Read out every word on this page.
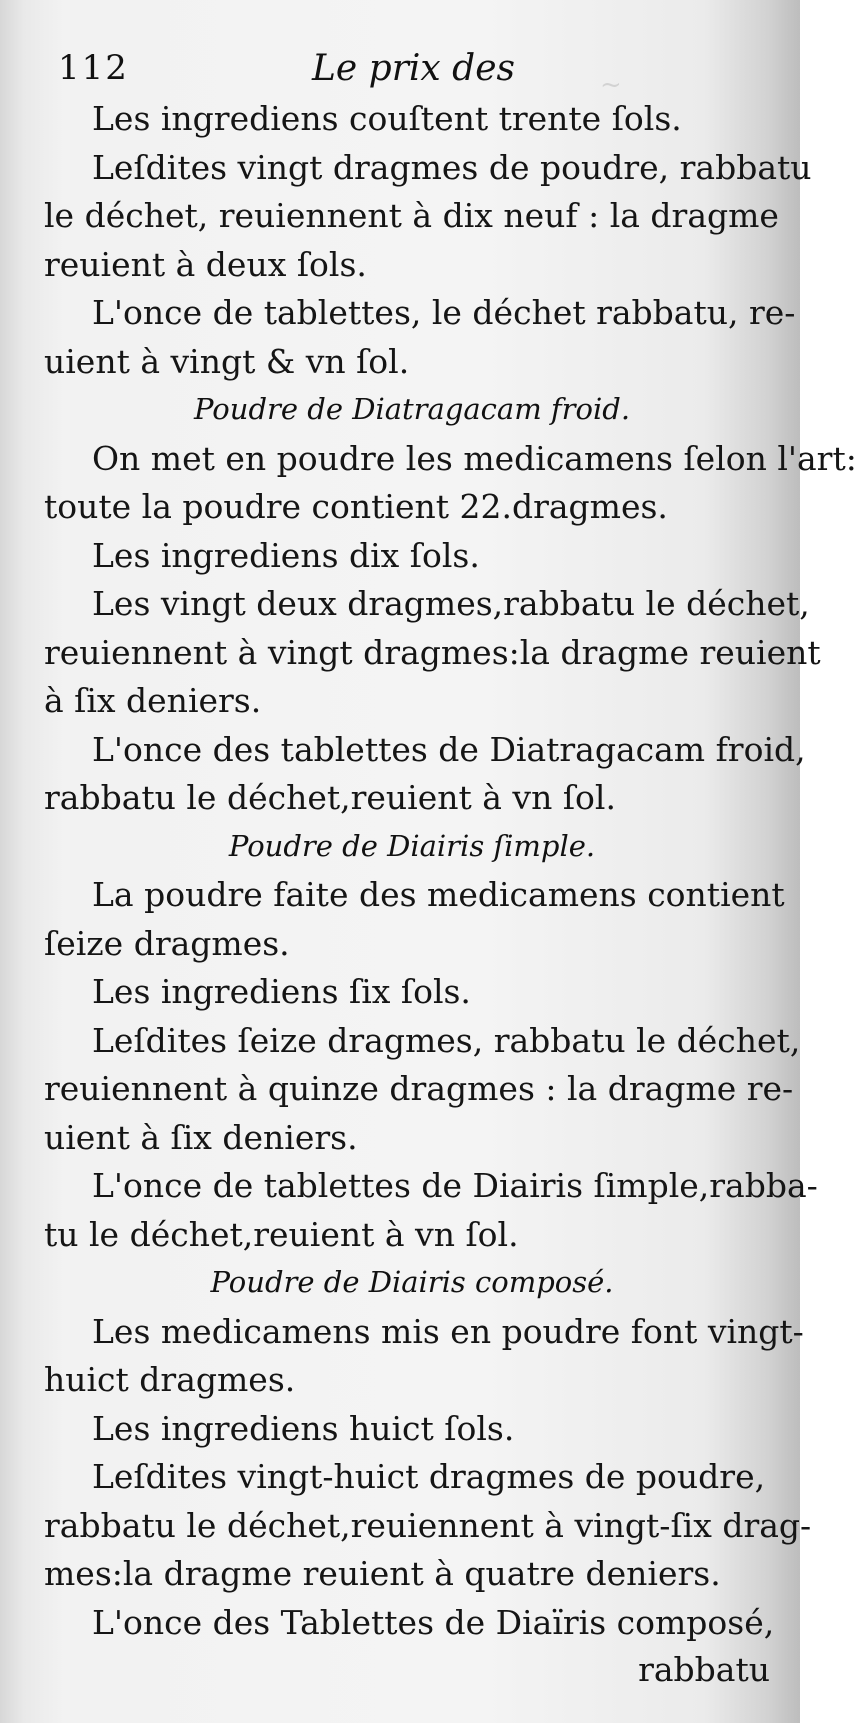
~
112	Le prix des
Les ingrediens couſtent trente ſols.
Leſdites vingt dragmes de poudre, rabbatu
le déchet, reuiennent à dix neuf : la dragme
reuient à deux ſols.
L'once de tablettes, le déchet rabbatu, re-
uient à vingt & vn ſol.
Poudre de Diatragacam froid.
On met en poudre les medicamens ſelon l'art:
toute la poudre contient 22.dragmes.
Les ingrediens dix ſols.
Les vingt deux dragmes,rabbatu le déchet,
reuiennent à vingt dragmes:la dragme reuient
à ſix deniers.
L'once des tablettes de Diatragacam froid,
rabbatu le déchet,reuient à vn ſol.
Poudre de Diairis ſimple.
La poudre faite des medicamens contient
ſeize dragmes.
Les ingrediens ſix ſols.
Leſdites ſeize dragmes, rabbatu le déchet,
reuiennent à quinze dragmes : la dragme re-
uient à ſix deniers.
L'once de tablettes de Diairis ſimple,rabba-
tu le déchet,reuient à vn ſol.
Poudre de Diairis composé.
Les medicamens mis en poudre font vingt-
huict dragmes.
Les ingrediens huict ſols.
Leſdites vingt-huict dragmes de poudre,
rabbatu le déchet,reuiennent à vingt-ſix drag-
mes:la dragme reuient à quatre deniers.
L'once des Tablettes de Diaïris composé,
rabbatu
